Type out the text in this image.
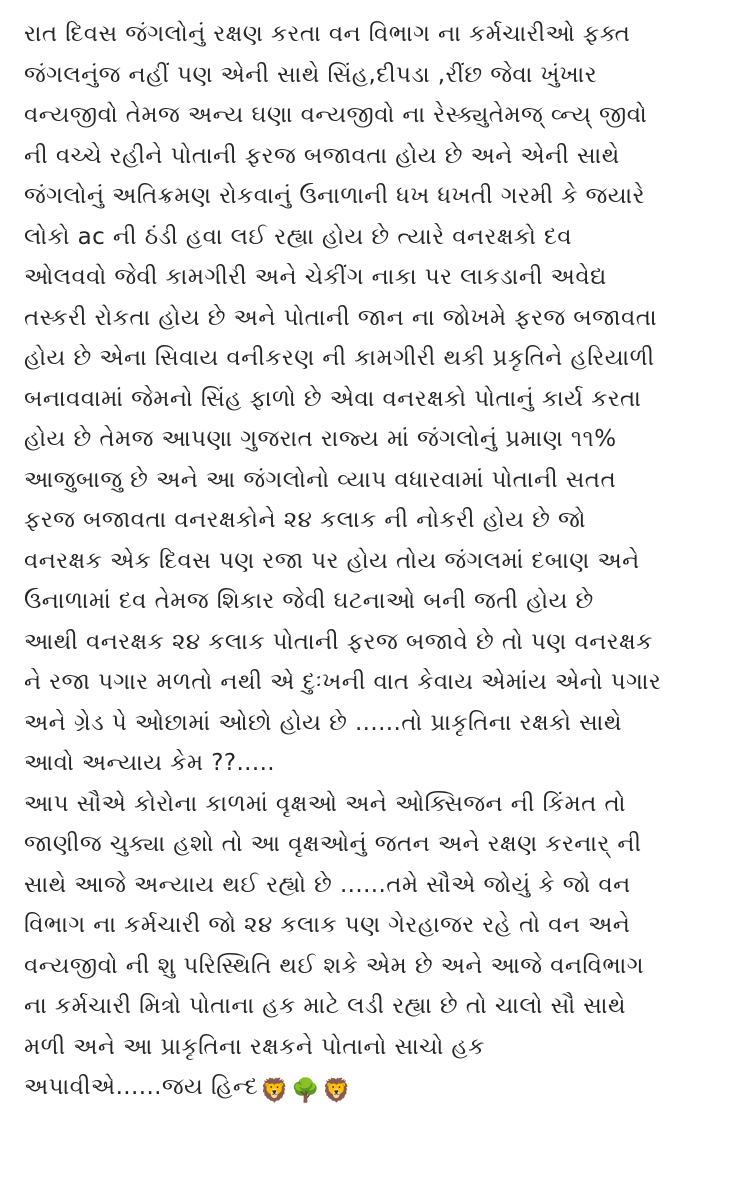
રાત દિવસ જંગલોનું રક્ષણ કરતા વન વિભાગ ના કર્મચારીઓ ફક્ત
જંગલનુંજ નહીં પણ એની સાથે સિંહ,દીપડા ,રીંછ જેવા ખુંખાર
વન્યજીવો તેમજ અન્ય ઘણા વન્યજીવો ના રેસ્ક્યુતેમજ્ વ્ન્ય્ જીવો
ની વચ્ચે રહીને પોતાની ફરજ બજાવતા હોય છે અને એની સાથે
જંગલોનું અતિક્રમણ રોકવાનું ઉનાળાની ધખ ધખતી ગરમી કે જયારે
લોકો ac ની ઠંડી હવા લઈ રહ્યા હોય છે ત્યારે વનરક્ષકો દવ
ઓલવવો જેવી કામગીરી અને ચેકીંગ નાકા પર લાકડાની અવેદ્ય
તસ્કરી રોકતા હોય છે અને પોતાની જાન ના જોખમે ફરજ બજાવતા
હોય છે એના સિવાય વનીકરણ ની કામગીરી થકી પ્રકૃતિને હરિયાળી
બનાવવામાં જેમનો સિંહ ફાળો છે એવા વનરક્ષકો પોતાનું કાર્ય કરતા
હોય છે તેમજ આપણા ગુજરાત રાજ્ય માં જંગલોનું પ્રમાણ ૧૧%
આજુબાજુ છે અને આ જંગલોનો વ્યાપ વધારવામાં પોતાની સતત
ફરજ બજાવતા વનરક્ષકોને ૨૪ કલાક ની નોકરી હોય છે જો
વનરક્ષક એક દિવસ પણ રજા પર હોય તોય જંગલમાં દબાણ અને
ઉનાળામાં દવ તેમજ શિકાર જેવી ઘટનાઓ બની જતી હોય છે
આથી વનરક્ષક ૨૪ કલાક પોતાની ફરજ બજાવે છે તો પણ વનરક્ષક
ને રજા પગાર મળતો નથી એ દુઃખની વાત કેવાય એમાંય એનો પગાર
અને ગ્રેડ પે ઓછામાં ઓછો હોય છે ......તો પ્રાકૃતિના રક્ષકો સાથે
આવો અન્યાય કેમ ??.....
આપ સૌએ કોરોના કાળમાં વૃક્ષઓ અને ઓક્સિજન ની કિંમત તો
જાણીજ ચુક્યા હશો તો આ વૃક્ષઓનું જતન અને રક્ષણ કરનાર્ ની
સાથે આજે અન્યાય થઈ રહ્યો છે ......તમે સૌએ જોયું કે જો વન
વિભાગ ના કર્મચારી જો ૨૪ કલાક પણ ગેરહાજર રહે તો વન અને
વન્યજીવો ની શુ પરિસ્થિતિ થઈ શકે એમ છે અને આજે વનવિભાગ
ના કર્મચારી મિત્રો પોતાના હક માટે લડી રહ્યા છે તો ચાલો સૌ સાથે
મળી અને આ પ્રાકૃતિના રક્ષકને પોતાનો સાચો હક
અપાવીએ......જય હિન્દ🦁🌳🦁
